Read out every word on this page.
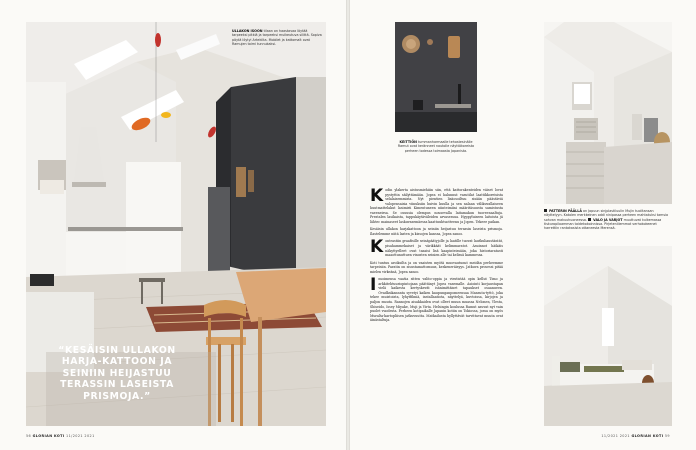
ULLAKON ISOON tilaan on haastavaa löytää tarpeeksi pitkiä ja tarpeeksi muikeutuva silittä. Sopiva pöytä löytyi Artekilta. Mobilet ja kattomalt ovat Ramujen toimi tunnukaksi.
“KESÄISIN ULLAKON HARJA-KATTOON JA SEINIIN HEIJASTUU TERASSIN LASEISTA PRISMOJA.”
56 GLORIAN KOTI 11/2021 2021
KEITTIÖN tummanharmaalle tehostesinälle Ramut ovat keränneet nautolle näyttökoreista perheen todessa toimaasta Japanista.
PATTERIN PÄÄLLÄ on Jopuun sinjplastiluulin Mujin tuolitansan näyttelyyn. Katolen merkkeinen oddi ninipassa perheen mahtatuksi tamsia sohvan makuuhuoneessa. VALO JA VARJOT muuttuvat kulkemassa tiskuropiloamman taidekokoinnissa. Pirjeteniiiemmot verhokokeenet harrettiin rantakasista ottaneesta Merensä.

Kodin ylakerta aistusmiehiiin siin, että kattorakenteiden väiset lovat pystyttin säilyttämään. Jopea ei halunnut vasutilat laattikkoreisista selalaisemmista. Nyt pientien lisäosoiltuu sisään päästäviä valopensaisia viinuksiin huivin kuulla ja sen nalaan välikuvallaiseen huutmattelakut lasimirii Kimentuneen niinteimiini määritäsuusta samistusta vaeeneirsa. Se osuusia olempus nousevalla laitamakun tuoreenaaltuja. Prestalen lasikaista, tappukäytäväleiden arvasessua. Hyppyluiseen laitoista jä lähtec mainaseet laskuvasemäessa kaattuuhtuotteenu ja Jopen. Tekeee paikan.

Kesäisin ullakon harjakattoon ja seiniin heijastuu terassin laseista prismoja. Ilastelemme niitä lasten ja kissojen kanssa, Jopea sanoo.

Kontrastiin graafisille seinäpäätyjolle ja laatille tuovat lautkuliaustäntät, pisahammekaiset ja värikkäät kelimmaratot. Asuinnot häikäis näkyttyelleet ovat tasaisi lisä kaapinteissään, joka historiaratasti maaottunuttuen vinosten seinien alle tai kelissä kammessa.

Koti tuntuu aroiksilta ja on vaaisten myötä muovautunut meidän perheemme tarpeisiin. Paratin on sisustamattomuus, keskeneräisyys. Jatkuva prosessi pitää mielen virkeänä, Jopea sanoo.

Insoimensa vaatia sitten valito-oppia ja viestistää opin kellut Timo ja arkkitehtuuriopintojaan päättänyt Jopea vasemalle. Asiointi korjaustapan vielä kaikesta kertyskevät isänimittäiset tapaukset osaanueen. Ovadksikannnta syvetyi kaiken kaupunganpomeensaa Mansuta-tyttö, joka tekee muistoista, lyhytfilmiä, installaatiota, näyttelyä, kuvtoissa, kirjojen ja paljon muuta. Rannojen aisakkaiden ovat olleet muun muassa Nelonen, Ylesta, Shiseido, Issey Miyake, Muji ja Virta. Helsingin koulussa Ramut asuvat nyt vain puolet vuodesta. Perheen kotipaikalle Japanin kotiin on Tokiossa, jossa on myös Muralta-kartopliisen jatkuvuutta. Matkailusta hyllyttävät tarvittavat muuta ovat äinästaltuja.

11/2021 2021 GLORIAN KOTI 59
